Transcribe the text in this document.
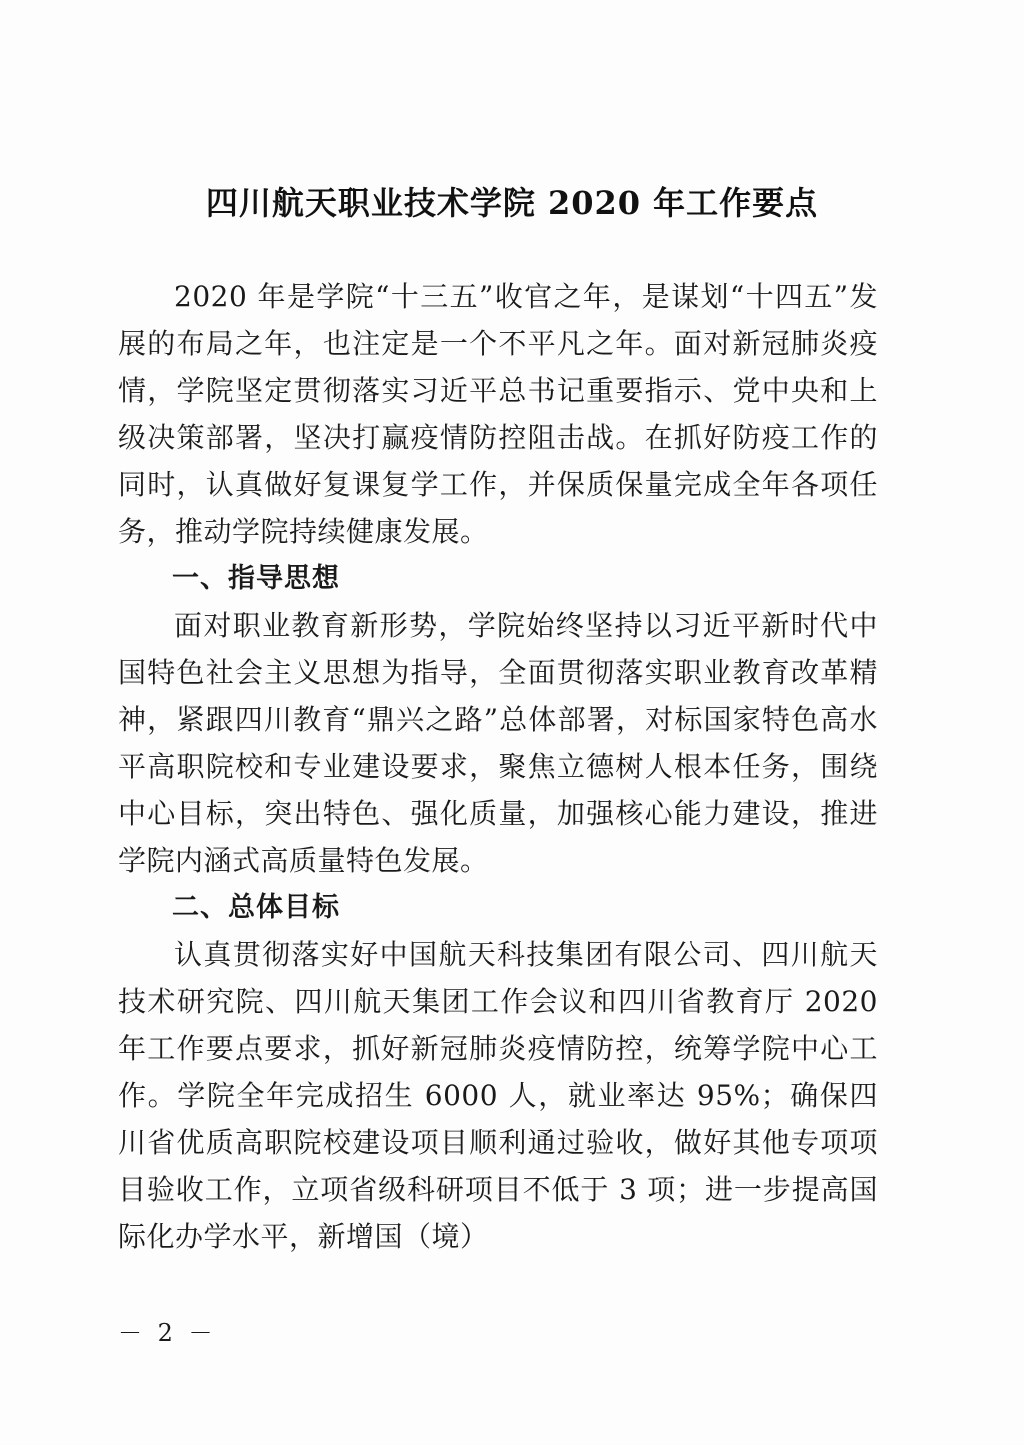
四川航天职业技术学院 2020 年工作要点

2020 年是学院“十三五”收官之年，是谋划“十四五”发展的布局之年，也注定是一个不平凡之年。面对新冠肺炎疫情，学院坚定贯彻落实习近平总书记重要指示、党中央和上级决策部署，坚决打赢疫情防控阻击战。在抓好防疫工作的同时，认真做好复课复学工作，并保质保量完成全年各项任务，推动学院持续健康发展。

一、指导思想

面对职业教育新形势，学院始终坚持以习近平新时代中国特色社会主义思想为指导，全面贯彻落实职业教育改革精神，紧跟四川教育“鼎兴之路”总体部署，对标国家特色高水平高职院校和专业建设要求，聚焦立德树人根本任务，围绕中心目标，突出特色、强化质量，加强核心能力建设，推进学院内涵式高质量特色发展。

二、总体目标

认真贯彻落实好中国航天科技集团有限公司、四川航天技术研究院、四川航天集团工作会议和四川省教育厅 2020 年工作要点要求，抓好新冠肺炎疫情防控，统筹学院中心工作。学院全年完成招生 6000 人，就业率达 95%；确保四川省优质高职院校建设项目顺利通过验收，做好其他专项项目验收工作，立项省级科研项目不低于 3 项；进一步提高国际化办学水平，新增国（境）

－ 2 －
